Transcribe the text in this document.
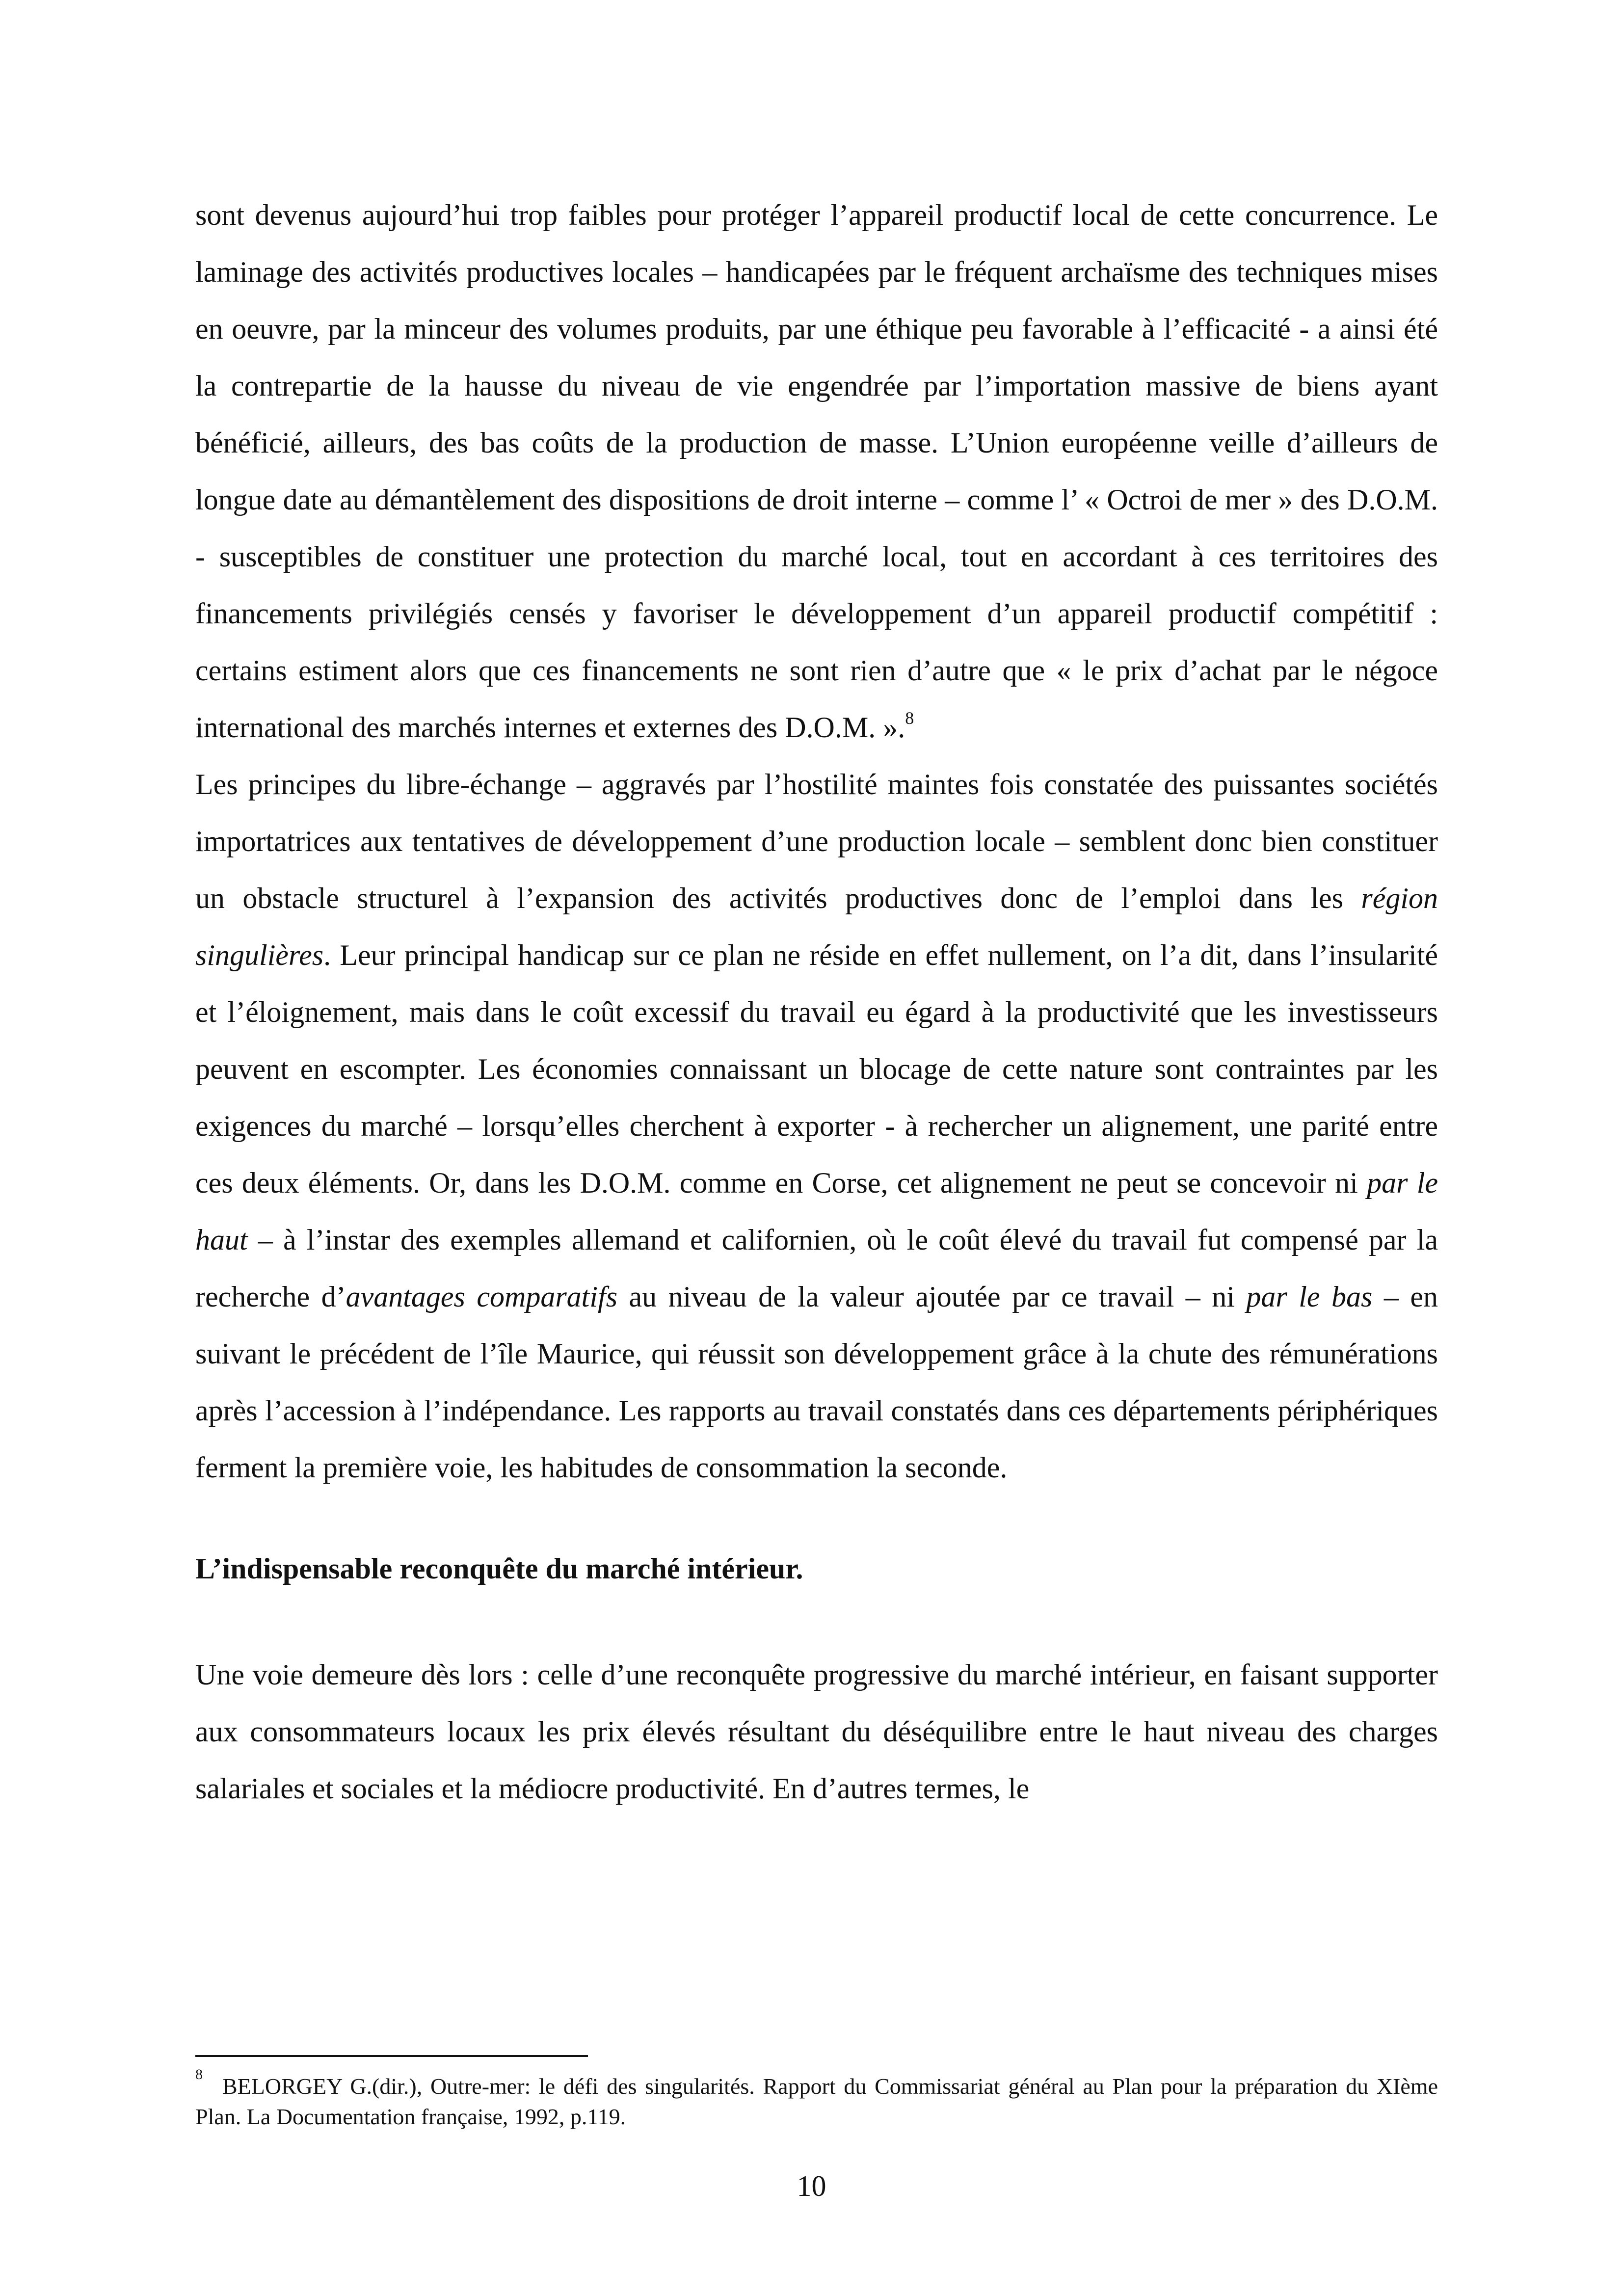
sont devenus aujourd’hui trop faibles pour protéger l’appareil productif local de cette concurrence. Le laminage des activités productives locales – handicapées par le fréquent archaïsme des techniques mises en oeuvre, par la minceur des volumes produits, par une éthique peu favorable à l’efficacité - a ainsi été la contrepartie de la hausse du niveau de vie engendrée par l’importation massive de biens ayant bénéficié, ailleurs, des bas coûts de la production de masse. L’Union européenne veille d’ailleurs de longue date au démantèlement des dispositions de droit interne – comme l’ « Octroi de mer » des D.O.M. - susceptibles de constituer une protection du marché local, tout en accordant à ces territoires des financements privilégiés censés y favoriser le développement d’un appareil productif compétitif : certains estiment alors que ces financements ne sont rien d’autre que « le prix d’achat par le négoce international des marchés internes et externes des D.O.M. ».$^8$

Les principes du libre-échange – aggravés par l’hostilité maintes fois constatée des puissantes sociétés importatrices aux tentatives de développement d’une production locale – semblent donc bien constituer un obstacle structurel à l’expansion des activités productives donc de l’emploi dans les région singulières. Leur principal handicap sur ce plan ne réside en effet nullement, on l’a dit, dans l’insularité et l’éloignement, mais dans le coût excessif du travail eu égard à la productivité que les investisseurs peuvent en escompter. Les économies connaissant un blocage de cette nature sont contraintes par les exigences du marché – lorsqu’elles cherchent à exporter - à rechercher un alignement, une parité entre ces deux éléments. Or, dans les D.O.M. comme en Corse, cet alignement ne peut se concevoir ni par le haut – à l’instar des exemples allemand et californien, où le coût élevé du travail fut compensé par la recherche d’avantages comparatifs au niveau de la valeur ajoutée par ce travail – ni par le bas – en suivant le précédent de l’île Maurice, qui réussit son développement grâce à la chute des rémunérations après l’accession à l’indépendance. Les rapports au travail constatés dans ces départements périphériques ferment la première voie, les habitudes de consommation la seconde.

L’indispensable reconquête du marché intérieur.

Une voie demeure dès lors : celle d’une reconquête progressive du marché intérieur, en faisant supporter aux consommateurs locaux les prix élevés résultant du déséquilibre entre le haut niveau des charges salariales et sociales et la médiocre productivité. En d’autres termes, le

$^8$ BELORGEY G.(dir.), Outre-mer: le défi des singularités. Rapport du Commissariat général au Plan pour la préparation du XIème Plan. La Documentation française, 1992, p.119.
10
